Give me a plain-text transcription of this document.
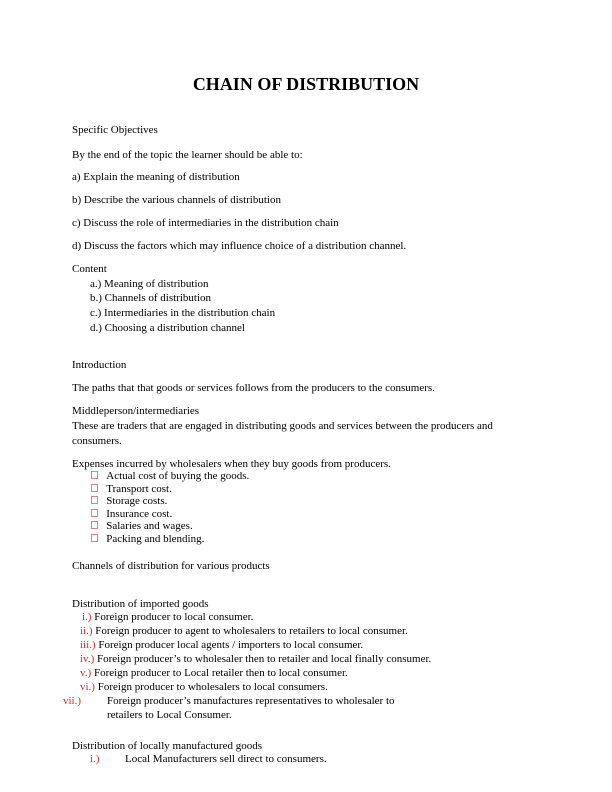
CHAIN OF DISTRIBUTION
Specific Objectives
By the end of the topic the learner should be able to:
a) Explain the meaning of distribution
b) Describe the various channels of distribution
c) Discuss the role of intermediaries in the distribution chain
d) Discuss the factors which may influence choice of a distribution channel.
Content
a.) Meaning of distribution
b.) Channels of distribution
c.) Intermediaries in the distribution chain
d.) Choosing a distribution channel
Introduction
The paths that that goods or services follows from the producers to the consumers.
Middleperson/intermediaries
These are traders that are engaged in distributing goods and services between the producers and
consumers.
Expenses incurred by wholesalers when they buy goods from producers.
Actual cost of buying the goods.
Transport cost.
Storage costs.
Insurance cost.
Salaries and wages.
Packing and blending.
Channels of distribution for various products
Distribution of imported goods
i.) Foreign producer to local consumer.
ii.) Foreign producer to agent to wholesalers to retailers to local consumer.
iii.) Foreign producer local agents / importers to local consumer.
iv.) Foreign producer’s to wholesaler then to retailer and local finally consumer.
v.) Foreign producer to Local retailer then to local consumer.
vi.) Foreign producer to wholesalers to local consumers.
vii.) Foreign producer’s manufactures representatives to wholesaler to
retailers to Local Consumer.
Distribution of locally manufactured goods
i.) Local Manufacturers sell direct to consumers.
